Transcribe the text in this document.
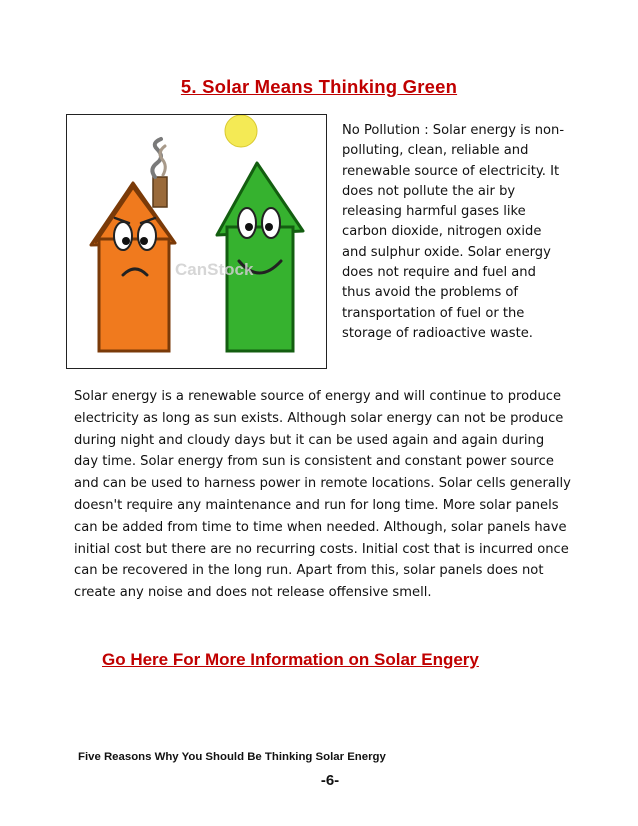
5. Solar Means Thinking Green
CanStock

No Pollution : Solar energy is non-polluting, clean, reliable and renewable source of electricity. It does not pollute the air by releasing harmful gases like carbon dioxide, nitrogen oxide and sulphur oxide. Solar energy does not require and fuel and thus avoid the problems of transportation of fuel or the storage of radioactive waste.

Solar energy is a renewable source of energy and will continue to produce electricity as long as sun exists. Although solar energy can not be produce during night and cloudy days but it can be used again and again during day time. Solar energy from sun is consistent and constant power source and can be used to harness power in remote locations. Solar cells generally doesn't require any maintenance and run for long time. More solar panels can be added from time to time when needed. Although, solar panels have initial cost but there are no recurring costs. Initial cost that is incurred once can be recovered in the long run. Apart from this, solar panels does not create any noise and does not release offensive smell.

Go Here For More Information on Solar Engery
Five Reasons Why You Should Be Thinking Solar Energy
-6-
